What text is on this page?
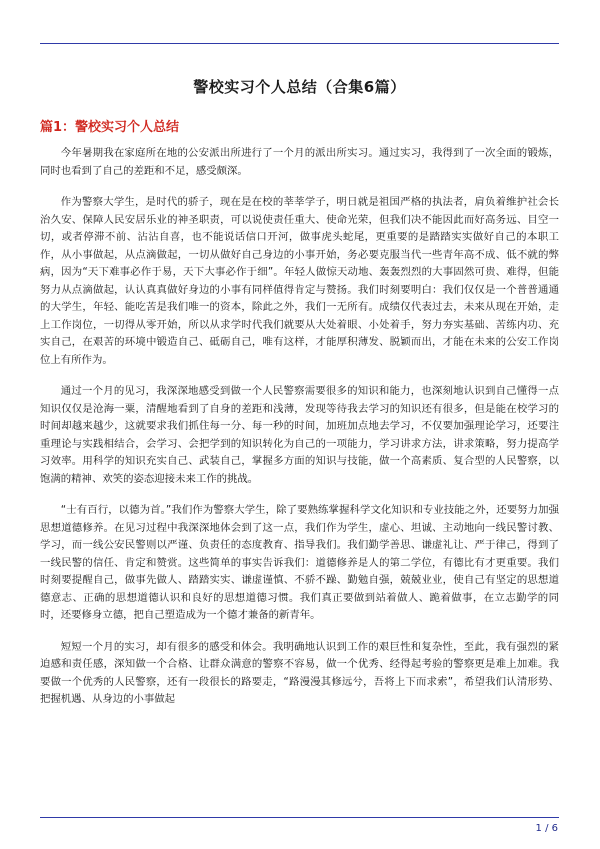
警校实习个人总结（合集6篇）
篇1：警校实习个人总结

今年暑期我在家庭所在地的公安派出所进行了一个月的派出所实习。通过实习，我得到了一次全面的锻炼，同时也看到了自己的差距和不足，感受颇深。

作为警察大学生，是时代的骄子，现在是在校的莘莘学子，明日就是祖国严格的执法者，肩负着维护社会长治久安、保障人民安居乐业的神圣职责，可以说使责任重大、使命光荣，但我们决不能因此而好高务远、目空一切，或者停滞不前、沾沾自喜，也不能说话信口开河，做事虎头蛇尾，更重要的是踏踏实实做好自己的本职工作，从小事做起，从点滴做起，一切从做好自己身边的小事开始，务必要克服当代一些青年高不成、低不就的弊病，因为“天下难事必作于易，天下大事必作于细”。年轻人做惊天动地、轰轰烈烈的大事固然可贵、难得，但能努力从点滴做起，认认真真做好身边的小事有同样值得肯定与赞扬。我们时刻要明白：我们仅仅是一个普普通通的大学生，年轻、能吃苦是我们唯一的资本，除此之外，我们一无所有。成绩仅代表过去，未来从现在开始，走上工作岗位，一切得从零开始，所以从求学时代我们就要从大处着眼、小处着手，努力夯实基础、苦练内功、充实自己，在艰苦的环境中锻造自己、砥砺自己，唯有这样，才能厚积薄发、脱颖而出，才能在未来的公安工作岗位上有所作为。

通过一个月的见习，我深深地感受到做一个人民警察需要很多的知识和能力，也深刻地认识到自己懂得一点知识仅仅是沧海一粟，清醒地看到了自身的差距和浅薄，发现等待我去学习的知识还有很多，但是能在校学习的时间却越来越少，这就要求我们抓住每一分、每一秒的时间，加班加点地去学习，不仅要加强理论学习，还要注重理论与实践相结合，会学习、会把学到的知识转化为自己的一项能力，学习讲求方法，讲求策略，努力提高学习效率。用科学的知识充实自己、武装自己，掌握多方面的知识与技能，做一个高素质、复合型的人民警察，以饱满的精神、欢笑的姿态迎接未来工作的挑战。

“士有百行，以德为首。”我们作为警察大学生，除了要熟练掌握科学文化知识和专业技能之外，还要努力加强思想道德修养。在见习过程中我深深地体会到了这一点，我们作为学生，虚心、坦诚、主动地向一线民警讨教、学习，而一线公安民警则以严谨、负责任的态度教育、指导我们。我们勤学善思、谦虚礼让、严于律己，得到了一线民警的信任、肯定和赞赏。这些简单的事实告诉我们：道德修养是人的第二学位，有德比有才更重要。我们时刻要提醒自己，做事先做人、踏踏实实、谦虚谨慎、不骄不躁、勤勉自强，兢兢业业，使自己有坚定的思想道德意志、正确的思想道德认识和良好的思想道德习惯。我们真正要做到站着做人、跪着做事，在立志勤学的同时，还要修身立德，把自己塑造成为一个德才兼备的新青年。

短短一个月的实习，却有很多的感受和体会。我明确地认识到工作的艰巨性和复杂性，至此，我有强烈的紧迫感和责任感，深知做一个合格、让群众满意的警察不容易，做一个优秀、经得起考验的警察更是难上加难。我要做一个优秀的人民警察，还有一段很长的路要走，“路漫漫其修远兮，吾将上下而求索”，希望我们认清形势、把握机遇、从身边的小事做起

1 / 6
